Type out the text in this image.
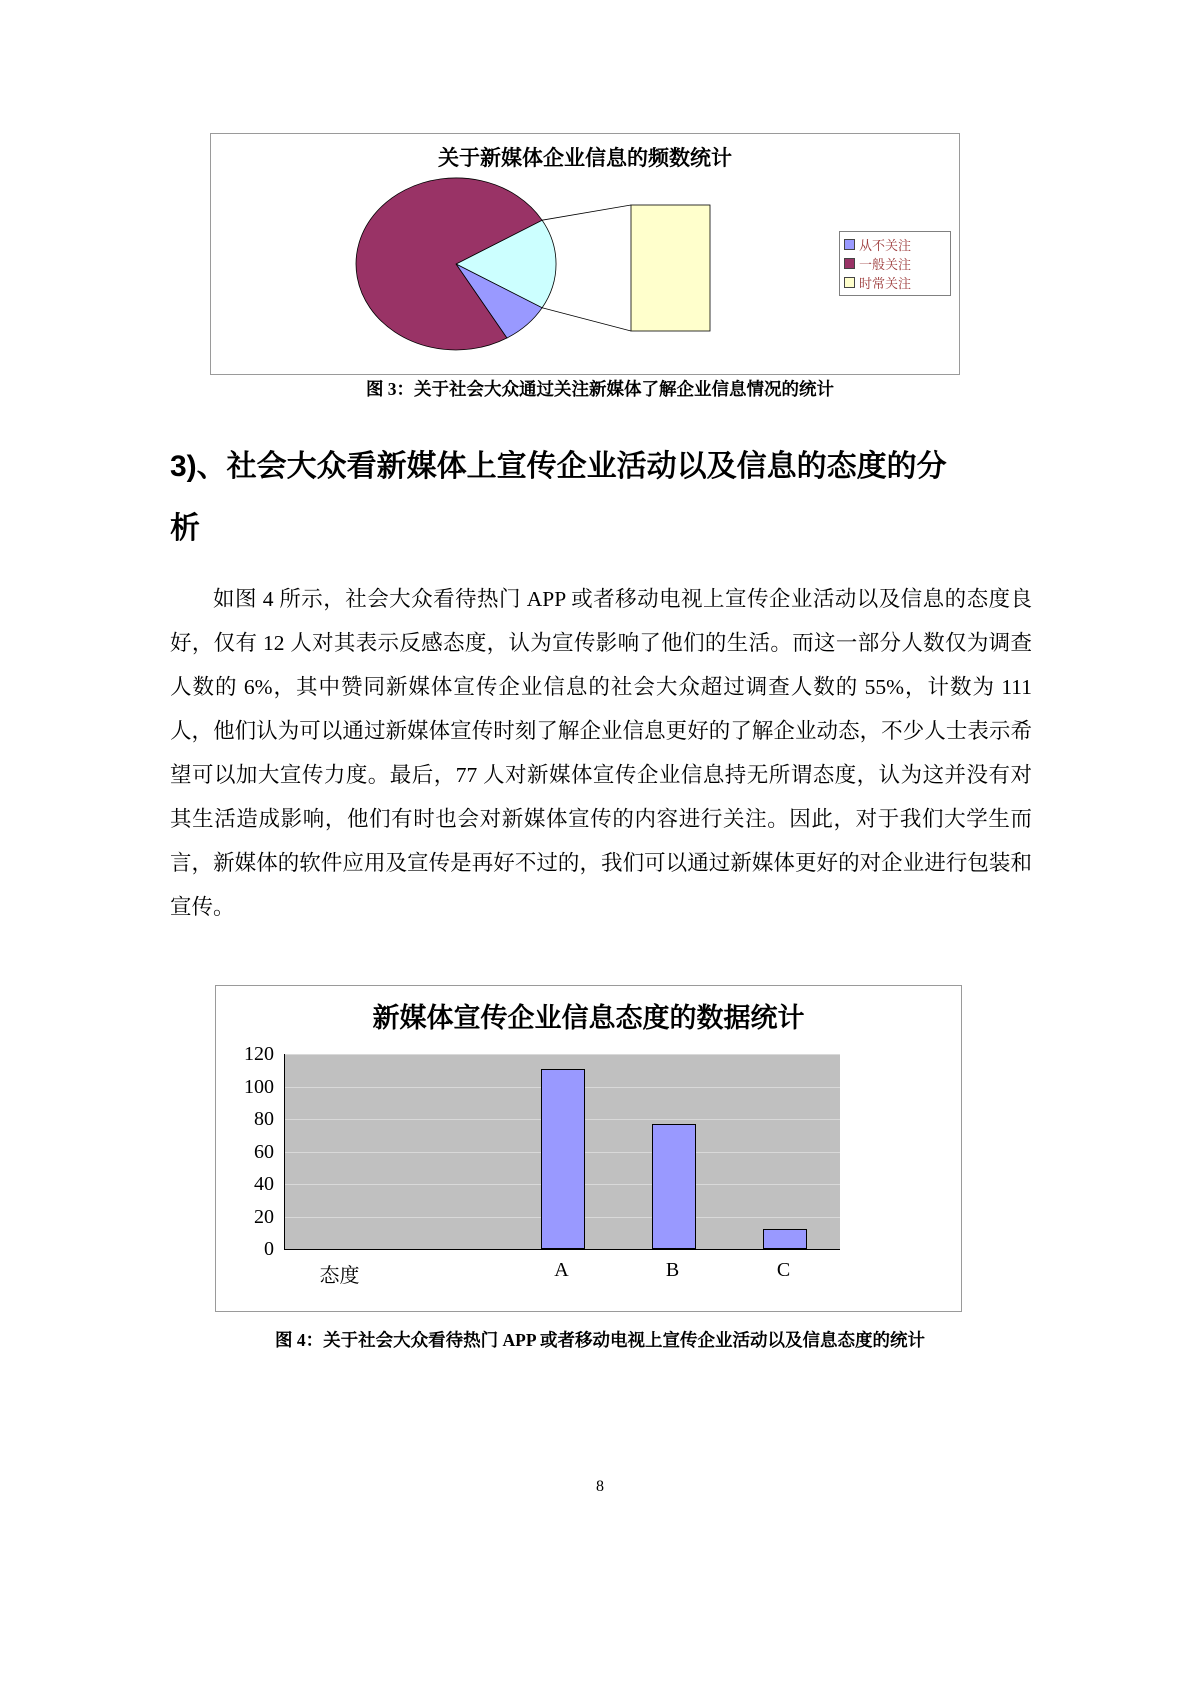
关于新媒体企业信息的频数统计
从不关注
一般关注
时常关注
图 3：关于社会大众通过关注新媒体了解企业信息情况的统计
3)、社会大众看新媒体上宣传企业活动以及信息的态度的分析

如图 4 所示，社会大众看待热门 APP 或者移动电视上宣传企业活动以及信息的态度良好，仅有 12 人对其表示反感态度，认为宣传影响了他们的生活。而这一部分人数仅为调查人数的 6%，其中赞同新媒体宣传企业信息的社会大众超过调查人数的 55%，计数为 111 人，他们认为可以通过新媒体宣传时刻了解企业信息更好的了解企业动态，不少人士表示希望可以加大宣传力度。最后，77 人对新媒体宣传企业信息持无所谓态度，认为这并没有对其生活造成影响，他们有时也会对新媒体宣传的内容进行关注。因此，对于我们大学生而言，新媒体的软件应用及宣传是再好不过的，我们可以通过新媒体更好的对企业进行包装和宣传。

新媒体宣传企业信息态度的数据统计
0
20
40
60
80
100
120
态度	A	B	C
图 4：关于社会大众看待热门 APP 或者移动电视上宣传企业活动以及信息态度的统计
8
